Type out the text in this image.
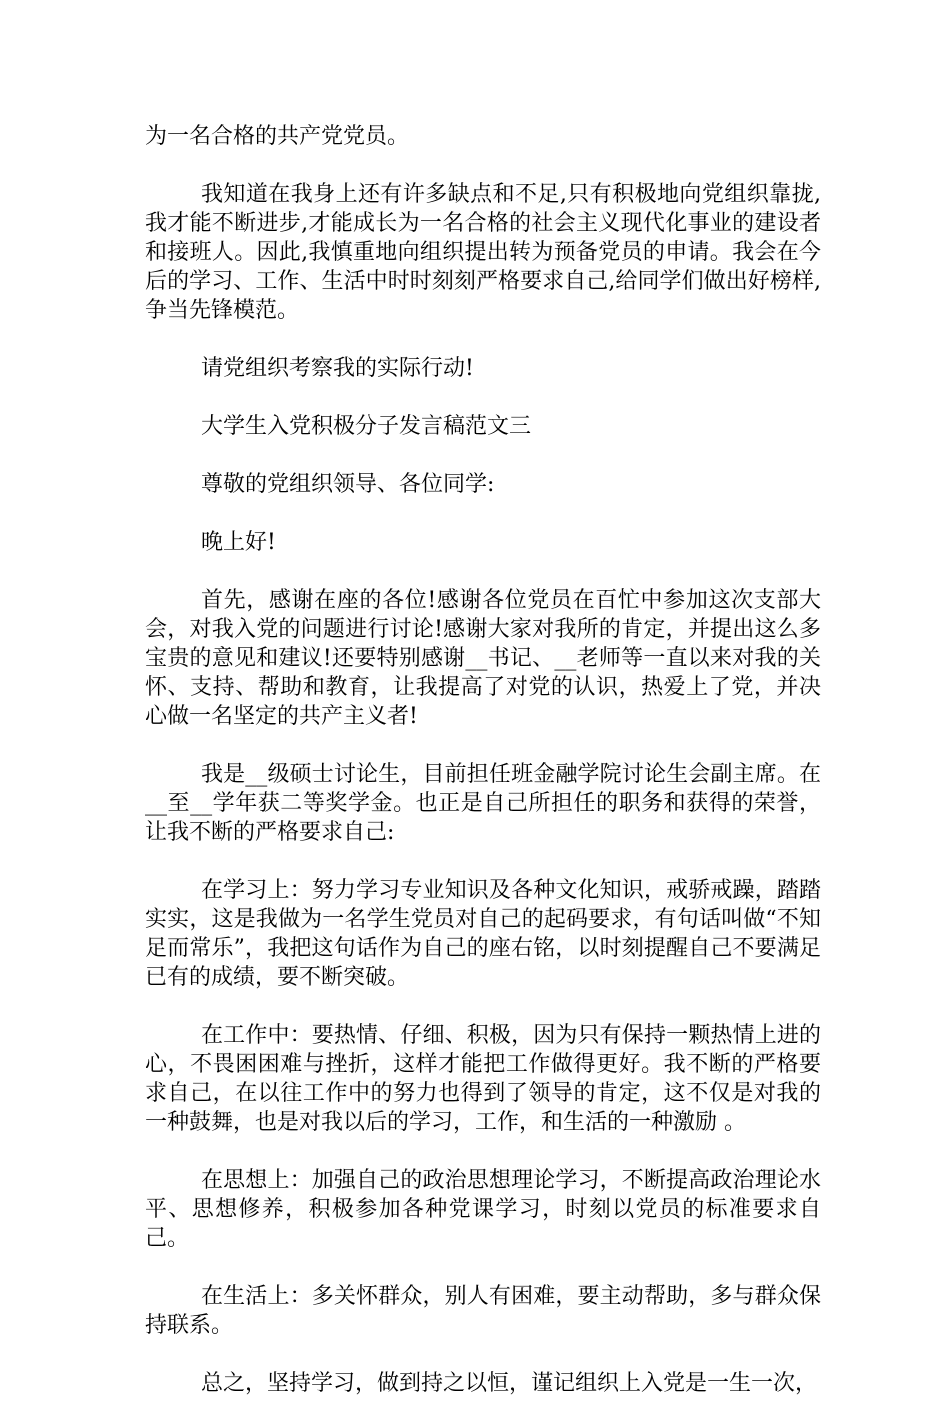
为一名合格的共产党党员。

我知道在我身上还有许多缺点和不足,只有积极地向党组织靠拢,我才能不断进步,才能成长为一名合格的社会主义现代化事业的建设者和接班人。因此,我慎重地向组织提出转为预备党员的申请。我会在今后的学习、工作、生活中时时刻刻严格要求自己,给同学们做出好榜样,争当先锋模范。

请党组织考察我的实际行动!

大学生入党积极分子发言稿范文三

尊敬的党组织领导、各位同学:

晚上好!

首先，感谢在座的各位!感谢各位党员在百忙中参加这次支部大会，对我入党的问题进行讨论!感谢大家对我所的肯定，并提出这么多宝贵的意见和建议!还要特别感谢__书记、__老师等一直以来对我的关怀、支持、帮助和教育，让我提高了对党的认识，热爱上了党，并决心做一名坚定的共产主义者!

我是__级硕士讨论生，目前担任班金融学院讨论生会副主席。在__至__学年获二等奖学金。也正是自己所担任的职务和获得的荣誉，让我不断的严格要求自己:

在学习上：努力学习专业知识及各种文化知识，戒骄戒躁，踏踏实实，这是我做为一名学生党员对自己的起码要求，有句话叫做“不知足而常乐”，我把这句话作为自己的座右铭，以时刻提醒自己不要满足已有的成绩，要不断突破。

在工作中：要热情、仔细、积极，因为只有保持一颗热情上进的心，不畏困困难与挫折，这样才能把工作做得更好。我不断的严格要求自己，在以往工作中的努力也得到了领导的肯定，这不仅是对我的一种鼓舞，也是对我以后的学习，工作，和生活的一种激励 。

在思想上：加强自己的政治思想理论学习，不断提高政治理论水平、思想修养，积极参加各种党课学习，时刻以党员的标准要求自己。

在生活上：多关怀群众，别人有困难，要主动帮助，多与群众保持联系。

总之，坚持学习，做到持之以恒，谨记组织上入党是一生一次，
